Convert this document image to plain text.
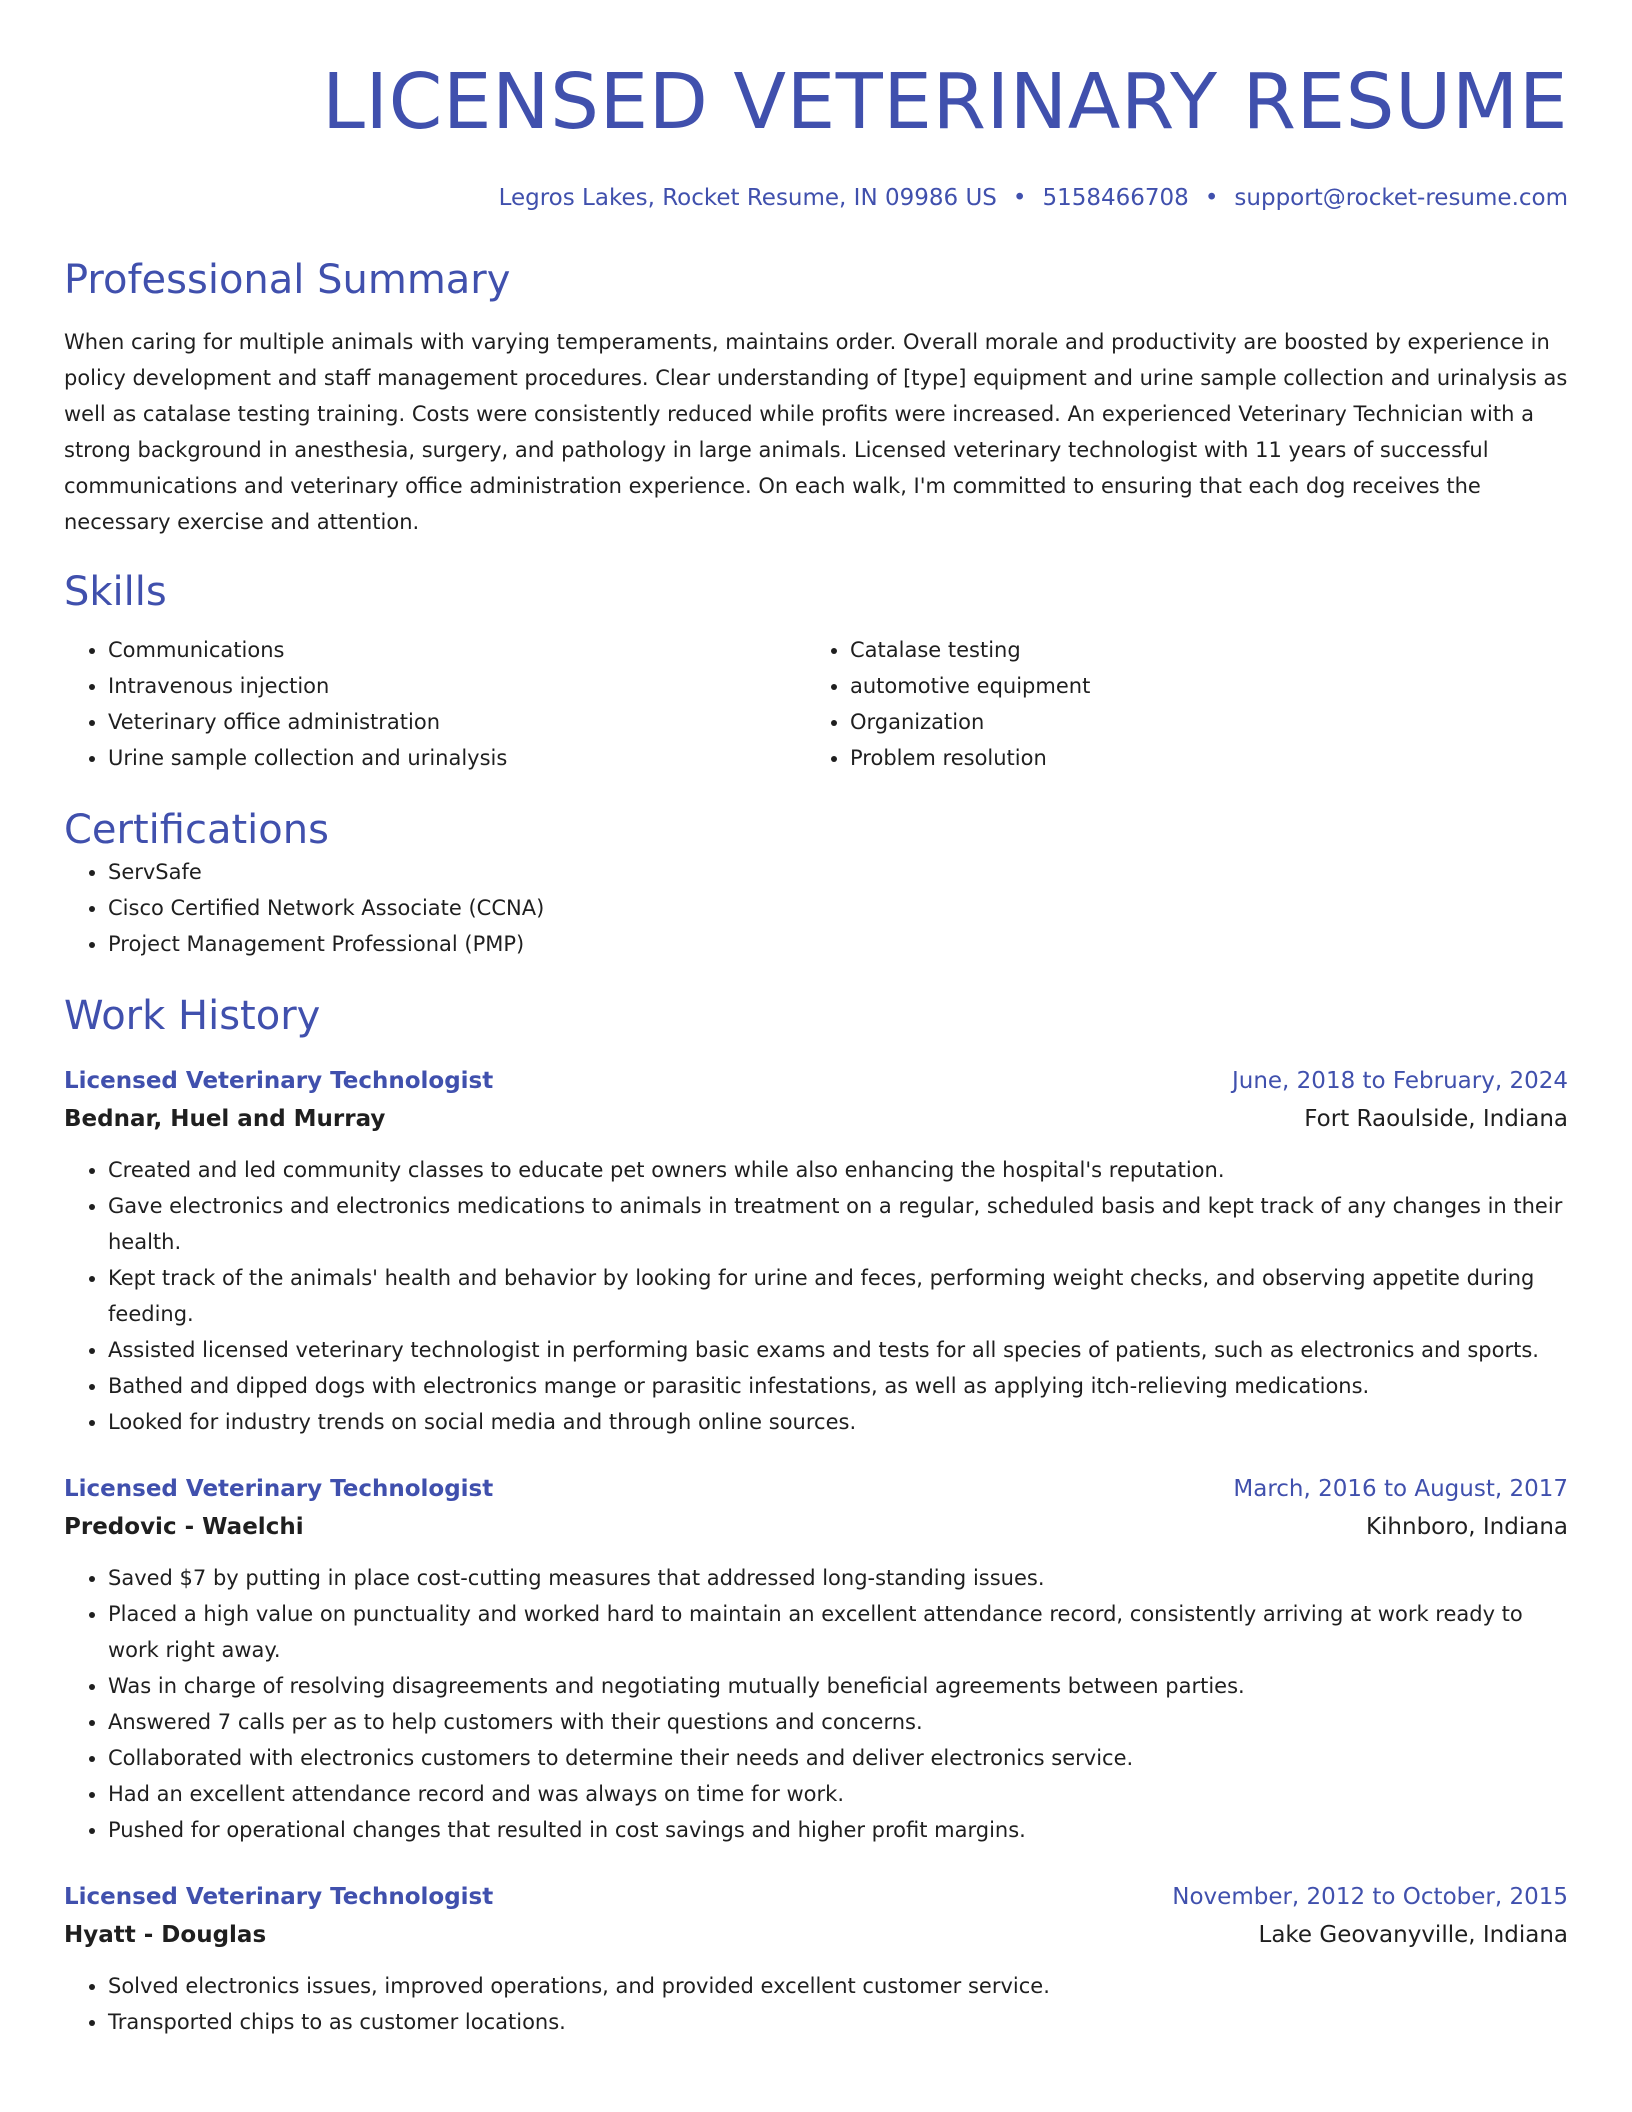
LICENSED VETERINARY RESUME
Legros Lakes, Rocket Resume, IN 09986 US • 5158466708 • support@rocket-resume.com
Professional Summary
When caring for multiple animals with varying temperaments, maintains order. Overall morale and productivity are boosted by experience in policy development and staff management procedures. Clear understanding of [type] equipment and urine sample collection and urinalysis as well as catalase testing training. Costs were consistently reduced while profits were increased. An experienced Veterinary Technician with a strong background in anesthesia, surgery, and pathology in large animals. Licensed veterinary technologist with 11 years of successful communications and veterinary office administration experience. On each walk, I'm committed to ensuring that each dog receives the necessary exercise and attention.
Skills
• Communications
• Intravenous injection
• Veterinary office administration
• Urine sample collection and urinalysis
• Catalase testing
• automotive equipment
• Organization
• Problem resolution
Certifications
• ServSafe
• Cisco Certified Network Associate (CCNA)
• Project Management Professional (PMP)
Work History
Licensed Veterinary Technologist	June, 2018 to February, 2024
Bednar, Huel and Murray	Fort Raoulside, Indiana
• Created and led community classes to educate pet owners while also enhancing the hospital's reputation.
• Gave electronics and electronics medications to animals in treatment on a regular, scheduled basis and kept track of any changes in their health.
• Kept track of the animals' health and behavior by looking for urine and feces, performing weight checks, and observing appetite during feeding.
• Assisted licensed veterinary technologist in performing basic exams and tests for all species of patients, such as electronics and sports.
• Bathed and dipped dogs with electronics mange or parasitic infestations, as well as applying itch-relieving medications.
• Looked for industry trends on social media and through online sources.
Licensed Veterinary Technologist	March, 2016 to August, 2017
Predovic - Waelchi	Kihnboro, Indiana
• Saved $7 by putting in place cost-cutting measures that addressed long-standing issues.
• Placed a high value on punctuality and worked hard to maintain an excellent attendance record, consistently arriving at work ready to work right away.
• Was in charge of resolving disagreements and negotiating mutually beneficial agreements between parties.
• Answered 7 calls per as to help customers with their questions and concerns.
• Collaborated with electronics customers to determine their needs and deliver electronics service.
• Had an excellent attendance record and was always on time for work.
• Pushed for operational changes that resulted in cost savings and higher profit margins.
Licensed Veterinary Technologist	November, 2012 to October, 2015
Hyatt - Douglas	Lake Geovanyville, Indiana
• Solved electronics issues, improved operations, and provided excellent customer service.
• Transported chips to as customer locations.
